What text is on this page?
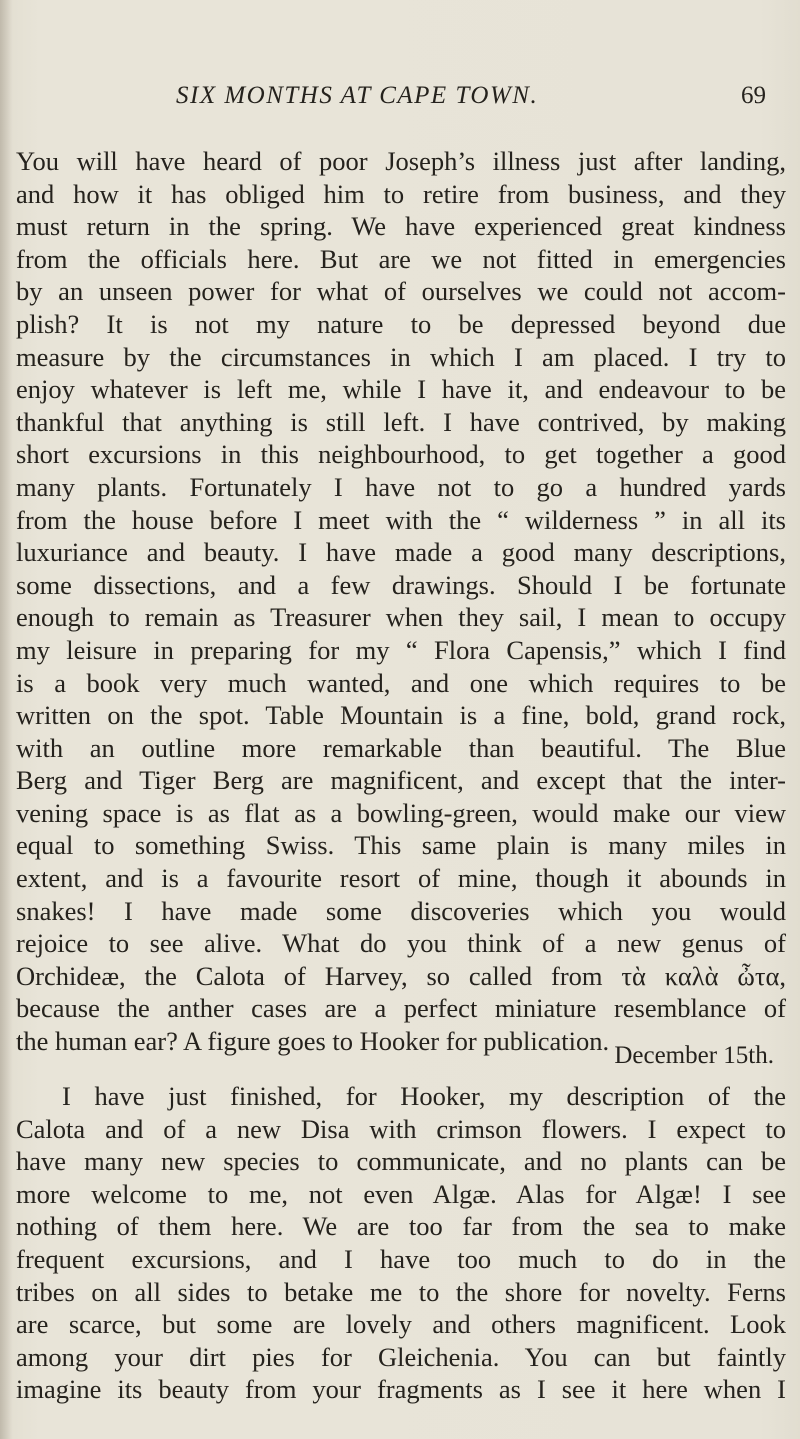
SIX MONTHS AT CAPE TOWN.	69
You will have heard of poor Joseph’s illness just after landing,
and how it has obliged him to retire from business, and they
must return in the spring. We have experienced great kindness
from the officials here. But are we not fitted in emergencies
by an unseen power for what of ourselves we could not accom-
plish? It is not my nature to be depressed beyond due
measure by the circumstances in which I am placed. I try to
enjoy whatever is left me, while I have it, and endeavour to be
thankful that anything is still left. I have contrived, by making
short excursions in this neighbourhood, to get together a good
many plants. Fortunately I have not to go a hundred yards
from the house before I meet with the “ wilderness ” in all its
luxuriance and beauty. I have made a good many descriptions,
some dissections, and a few drawings. Should I be fortunate
enough to remain as Treasurer when they sail, I mean to occupy
my leisure in preparing for my “ Flora Capensis,” which I find
is a book very much wanted, and one which requires to be
written on the spot. Table Mountain is a fine, bold, grand rock,
with an outline more remarkable than beautiful. The Blue
Berg and Tiger Berg are magnificent, and except that the inter-
vening space is as flat as a bowling-green, would make our view
equal to something Swiss. This same plain is many miles in
extent, and is a favourite resort of mine, though it abounds in
snakes! I have made some discoveries which you would
rejoice to see alive. What do you think of a new genus of
Orchideæ, the Calota of Harvey, so called from τὰ καλὰ ὦτα,
because the anther cases are a perfect miniature resemblance of
the human ear? A figure goes to Hooker for publication. December 15th.
I have just finished, for Hooker, my description of the
Calota and of a new Disa with crimson flowers. I expect to
have many new species to communicate, and no plants can be
more welcome to me, not even Algæ. Alas for Algæ! I see
nothing of them here. We are too far from the sea to make
frequent excursions, and I have too much to do in the
tribes on all sides to betake me to the shore for novelty. Ferns
are scarce, but some are lovely and others magnificent. Look
among your dirt pies for Gleichenia. You can but faintly
imagine its beauty from your fragments as I see it here when I
